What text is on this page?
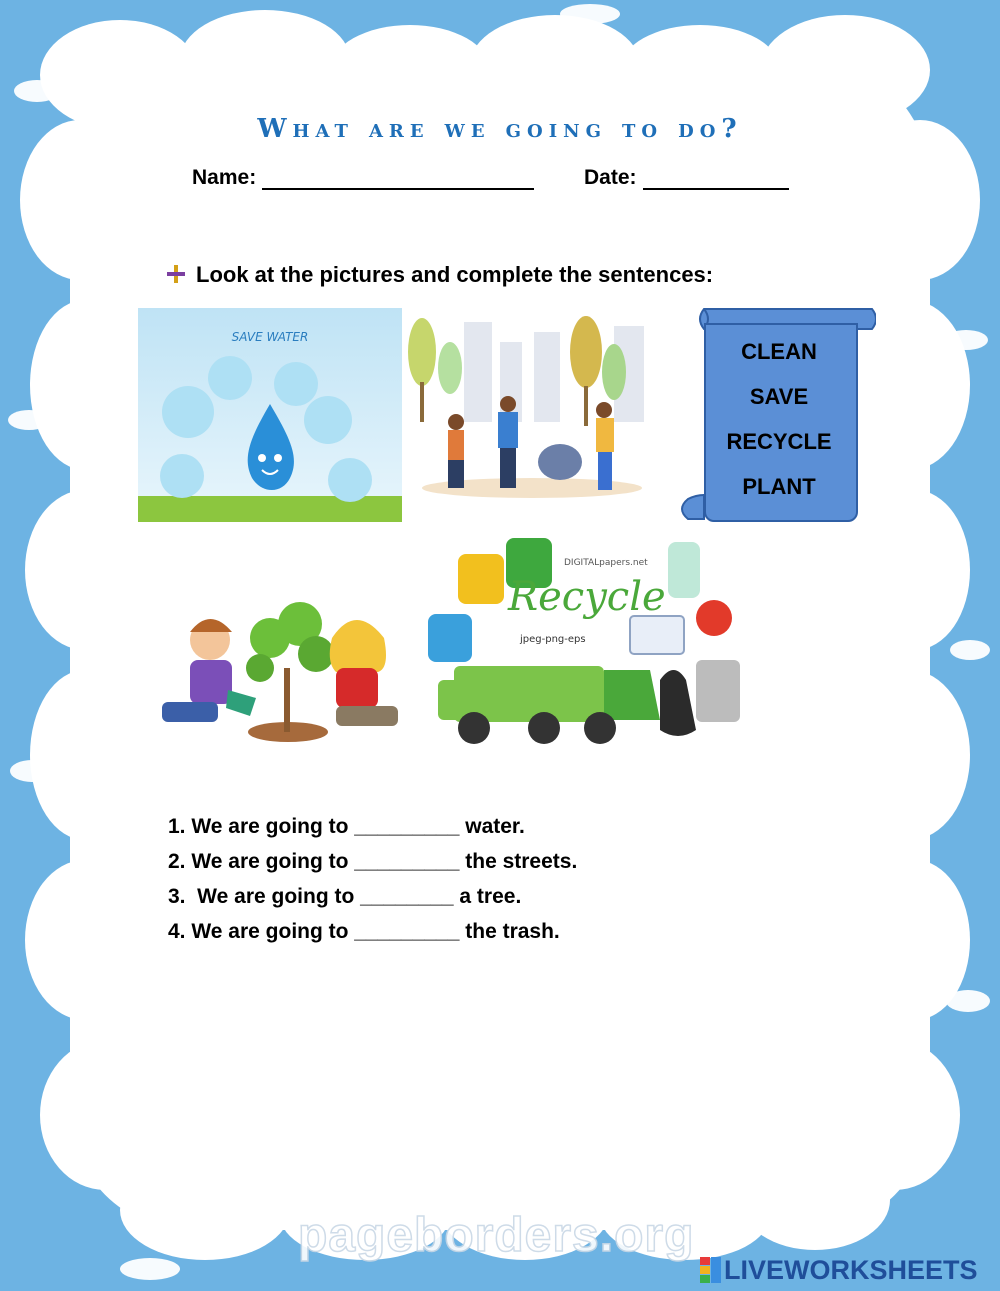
What are we going to do?
Name:	Date:
Look at the pictures and complete the sentences:
SAVE WATER
CLEAN
SAVE
RECYCLE
PLANT
Recycle
DIGITALpapers.net
jpeg-png-eps
1. We are going to _________ water.
2. We are going to _________ the streets.
3.  We are going to ________ a tree.
4. We are going to _________ the trash.
pageborders.org
LIVEWORKSHEETS
